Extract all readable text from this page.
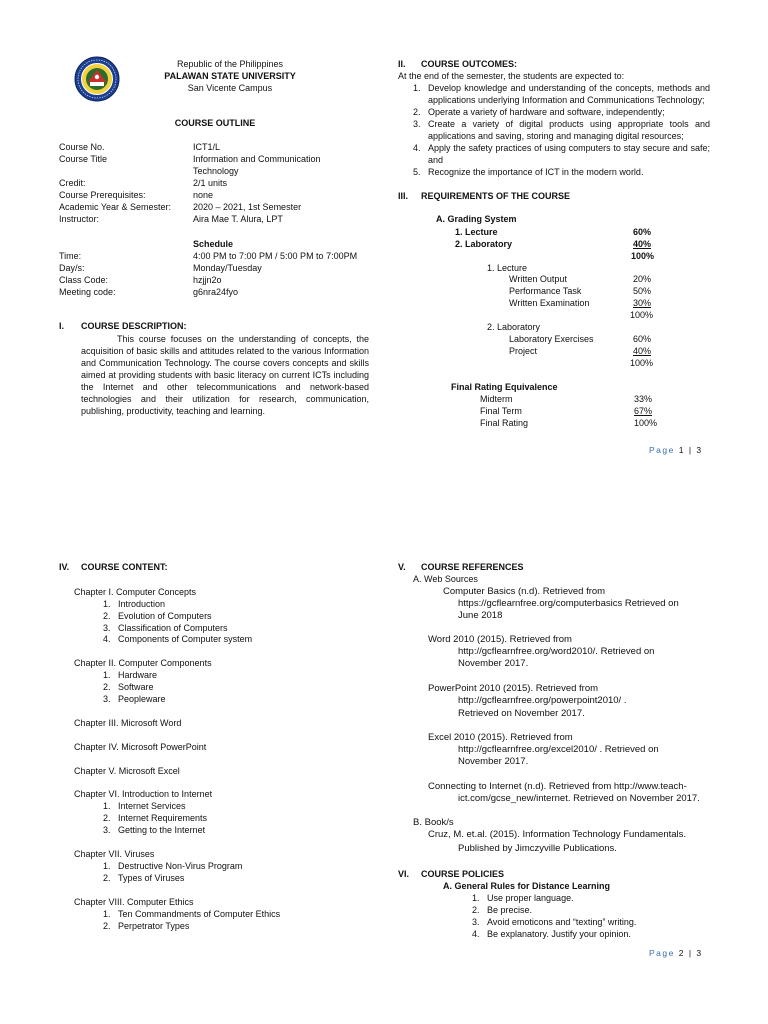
Republic of the Philippines
PALAWAN STATE UNIVERSITY
San Vicente Campus
COURSE OUTLINE
Course No.	ICT1/L
Course Title	Information and Communication
Technology
Credit:	2/1 units
Course Prerequisites:	none
Academic Year & Semester: 2020 – 2021, 1st Semester
Instructor:	Aira Mae T. Alura, LPT
Schedule
Time:	4:00 PM to 7:00 PM / 5:00 PM to 7:00PM
Day/s:	Monday/Tuesday
Class Code:	hzjjn2o
Meeting code:	g6nra24fyo
I. COURSE DESCRIPTION:
This course focuses on the understanding of concepts, the acquisition of basic skills and attitudes related to the various Information and Communication Technology. The course covers concepts and skills aimed at providing students with basic literacy on current ICTs including the Internet and other telecommunications and network-based technologies and their utilization for research, communication, publishing, productivity, teaching and learning.
II. COURSE OUTCOMES:
At the end of the semester, the students are expected to:
1. Develop knowledge and understanding of the concepts, methods and applications underlying Information and Communications Technology;
2. Operate a variety of hardware and software, independently;
3. Create a variety of digital products using appropriate tools and applications and saving, storing and managing digital resources;
4. Apply the safety practices of using computers to stay secure and safe; and
5. Recognize the importance of ICT in the modern world.
III. REQUIREMENTS OF THE COURSE
A. Grading System
1. Lecture	60%
2. Laboratory	40%
100%
1. Lecture
Written Output	20%
Performance Task	50%
Written Examination	30%
100%
2. Laboratory
Laboratory Exercises	60%
Project	40%
100%
Final Rating Equivalence
Midterm	33%
Final Term	67%
Final Rating	100%
Page 1 | 3
IV. COURSE CONTENT:
Chapter I. Computer Concepts
1.   Introduction
2.   Evolution of Computers
3.   Classification of Computers
4.   Components of Computer system
Chapter II. Computer Components
1.   Hardware
2.   Software
3.   Peopleware
Chapter III. Microsoft Word
Chapter IV. Microsoft PowerPoint
Chapter V. Microsoft Excel
Chapter VI. Introduction to Internet
1.   Internet Services
2.   Internet Requirements
3.   Getting to the Internet
Chapter VII. Viruses
1.   Destructive Non-Virus Program
2.   Types of Viruses
Chapter VIII. Computer Ethics
1.   Ten Commandments of Computer Ethics
2.   Perpetrator Types
V. COURSE REFERENCES
A. Web Sources
Computer Basics (n.d). Retrieved from
https://gcflearnfree.org/computerbasics Retrieved on
June 2018
Word 2010 (2015). Retrieved from
http://gcflearnfree.org/word2010/. Retrieved on
November 2017.
PowerPoint 2010 (2015). Retrieved from
http://gcflearnfree.org/powerpoint2010/ .
Retrieved on November 2017.
Excel 2010 (2015). Retrieved from
http://gcflearnfree.org/excel2010/ . Retrieved on
November 2017.
Connecting to Internet (n.d). Retrieved from http://www.teach-
ict.com/gcse_new/internet. Retrieved on November 2017.
B. Book/s
Cruz, M. et.al. (2015). Information Technology Fundamentals.
Published by Jimczyville Publications.
VI. COURSE POLICIES
A. General Rules for Distance Learning
1.   Use proper language.
2.   Be precise.
3.   Avoid emoticons and “texting” writing.
4.   Be explanatory. Justify your opinion.
Page 2 | 3
